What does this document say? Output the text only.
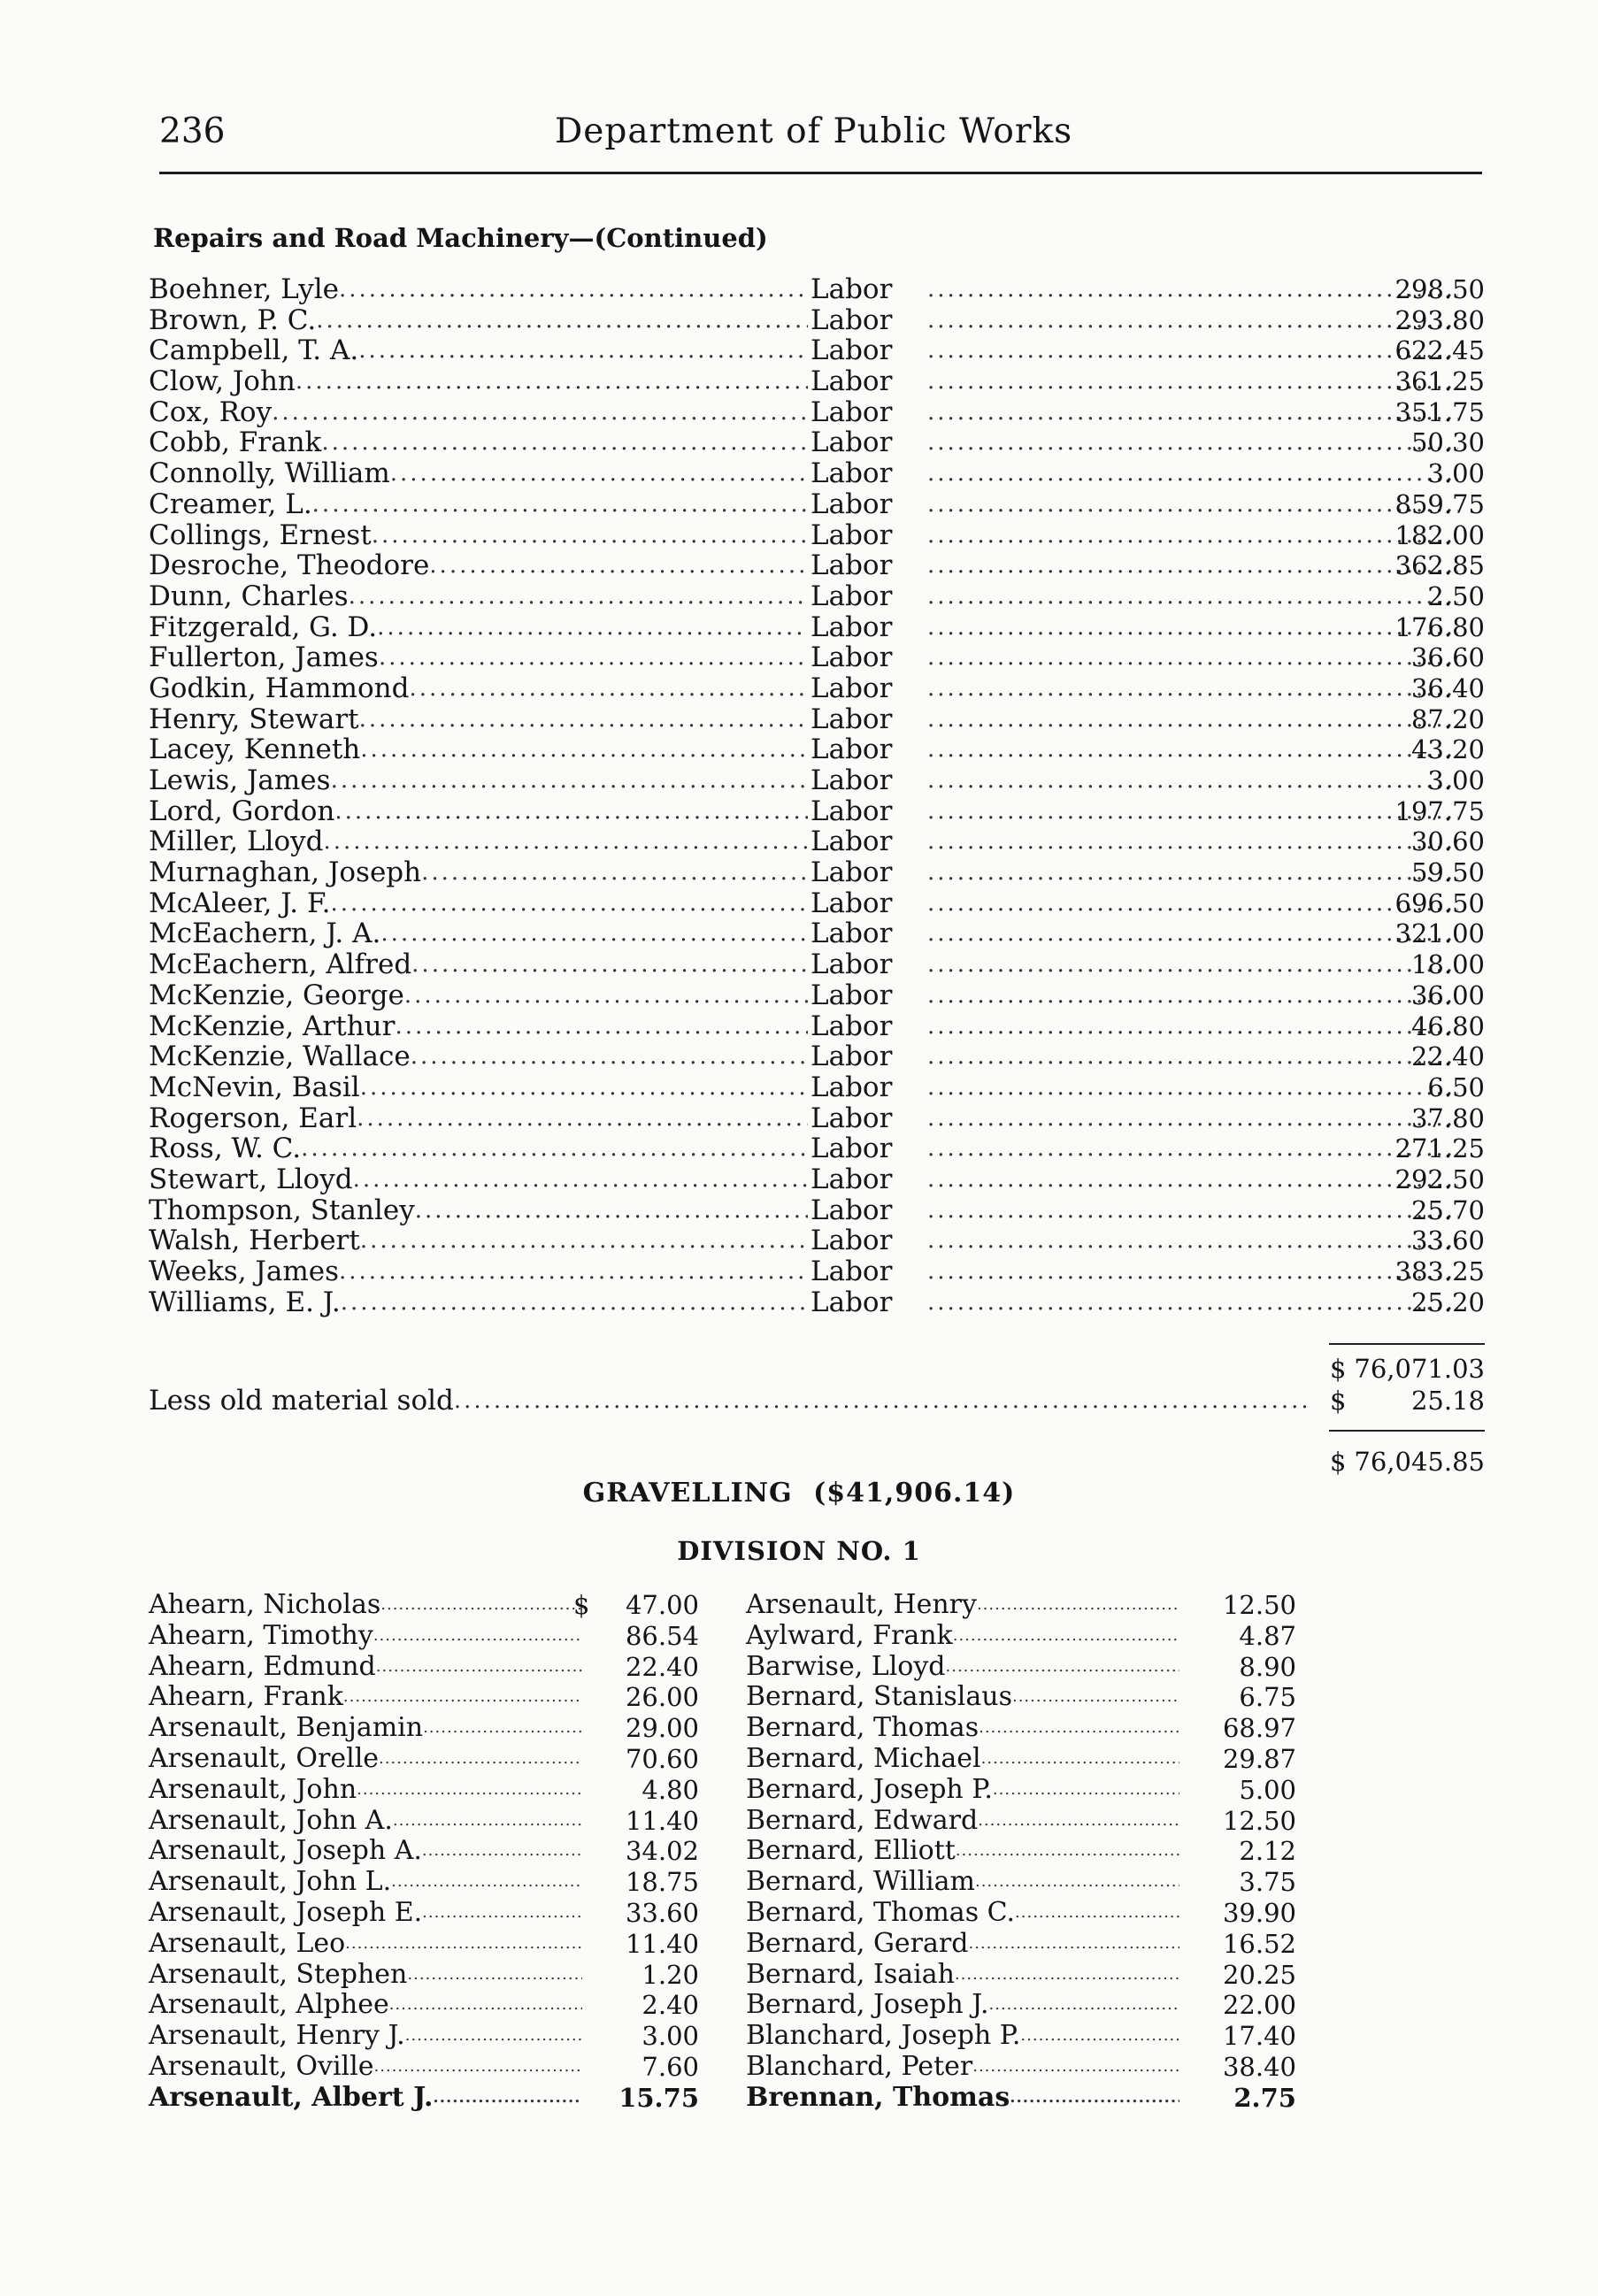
236	Department of Public Works
Repairs and Road Machinery—(Continued)
Boehner, Lyle .....	Labor .....	298.50
Brown, P. C. .....	Labor .....	293.80
Campbell, T. A. .....	Labor .....	622.45
Clow, John .....	Labor .....	361.25
Cox, Roy .....	Labor .....	351.75
Cobb, Frank .....	Labor .....	50.30
Connolly, William .....	Labor .....	3.00
Creamer, L. .....	Labor .....	859.75
Collings, Ernest .....	Labor .....	182.00
Desroche, Theodore .....	Labor .....	362.85
Dunn, Charles .....	Labor .....	2.50
Fitzgerald, G. D. .....	Labor .....	176.80
Fullerton, James .....	Labor .....	36.60
Godkin, Hammond .....	Labor .....	36.40
Henry, Stewart .....	Labor .....	87.20
Lacey, Kenneth .....	Labor .....	43.20
Lewis, James .....	Labor .....	3.00
Lord, Gordon .....	Labor .....	197.75
Miller, Lloyd .....	Labor .....	30.60
Murnaghan, Joseph .....	Labor .....	59.50
McAleer, J. F. .....	Labor .....	696.50
McEachern, J. A. .....	Labor .....	321.00
McEachern, Alfred .....	Labor .....	18.00
McKenzie, George .....	Labor .....	36.00
McKenzie, Arthur .....	Labor .....	46.80
McKenzie, Wallace .....	Labor .....	22.40
McNevin, Basil .....	Labor .....	6.50
Rogerson, Earl .....	Labor .....	37.80
Ross, W. C. .....	Labor .....	271.25
Stewart, Lloyd .....	Labor .....	292.50
Thompson, Stanley .....	Labor .....	25.70
Walsh, Herbert .....	Labor .....	33.60
Weeks, James .....	Labor .....	383.25
Williams, E. J. .....	Labor .....	25.20
$ 76,071.03
Less old material sold .....	$	25.18
$ 76,045.85
GRAVELLING ($41,906.14)
DIVISION NO. 1
Ahearn, Nicholas .....	$ 47.00
Ahearn, Timothy .....	86.54
Ahearn, Edmund .....	22.40
Ahearn, Frank .....	26.00
Arsenault, Benjamin .....	29.00
Arsenault, Orelle .....	70.60
Arsenault, John .....	4.80
Arsenault, John A. .....	11.40
Arsenault, Joseph A. .....	34.02
Arsenault, John L. .....	18.75
Arsenault, Joseph E. .....	33.60
Arsenault, Leo .....	11.40
Arsenault, Stephen .....	1.20
Arsenault, Alphee .....	2.40
Arsenault, Henry J. .....	3.00
Arsenault, Oville .....	7.60
Arsenault, Albert J. .....	15.75
Arsenault, Henry .....	12.50
Aylward, Frank .....	4.87
Barwise, Lloyd .....	8.90
Bernard, Stanislaus .....	6.75
Bernard, Thomas .....	68.97
Bernard, Michael .....	29.87
Bernard, Joseph P. .....	5.00
Bernard, Edward .....	12.50
Bernard, Elliott .....	2.12
Bernard, William .....	3.75
Bernard, Thomas C. .....	39.90
Bernard, Gerard .....	16.52
Bernard, Isaiah .....	20.25
Bernard, Joseph J. .....	22.00
Blanchard, Joseph P. .....	17.40
Blanchard, Peter .....	38.40
Brennan, Thomas .....	2.75
